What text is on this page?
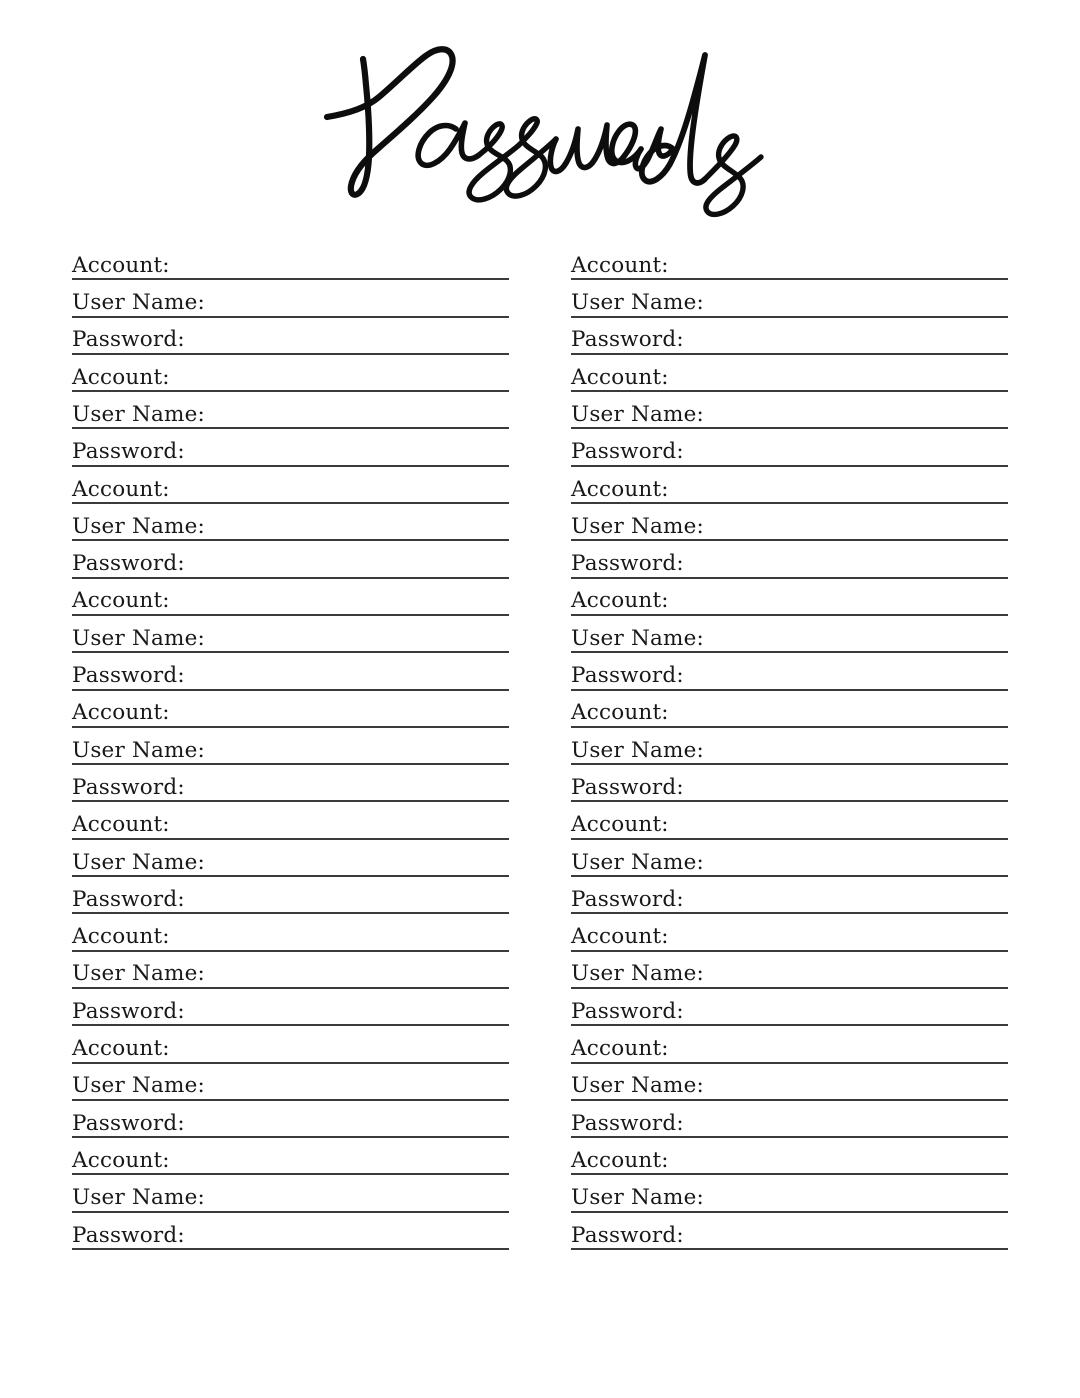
Account:
User Name:
Password:
Account:
User Name:
Password:
Account:
User Name:
Password:
Account:
User Name:
Password:
Account:
User Name:
Password:
Account:
User Name:
Password:
Account:
User Name:
Password:
Account:
User Name:
Password:
Account:
User Name:
Password:
Account:
User Name:
Password:
Account:
User Name:
Password:
Account:
User Name:
Password:
Account:
User Name:
Password:
Account:
User Name:
Password:
Account:
User Name:
Password:
Account:
User Name:
Password:
Account:
User Name:
Password:
Account:
User Name:
Password:
